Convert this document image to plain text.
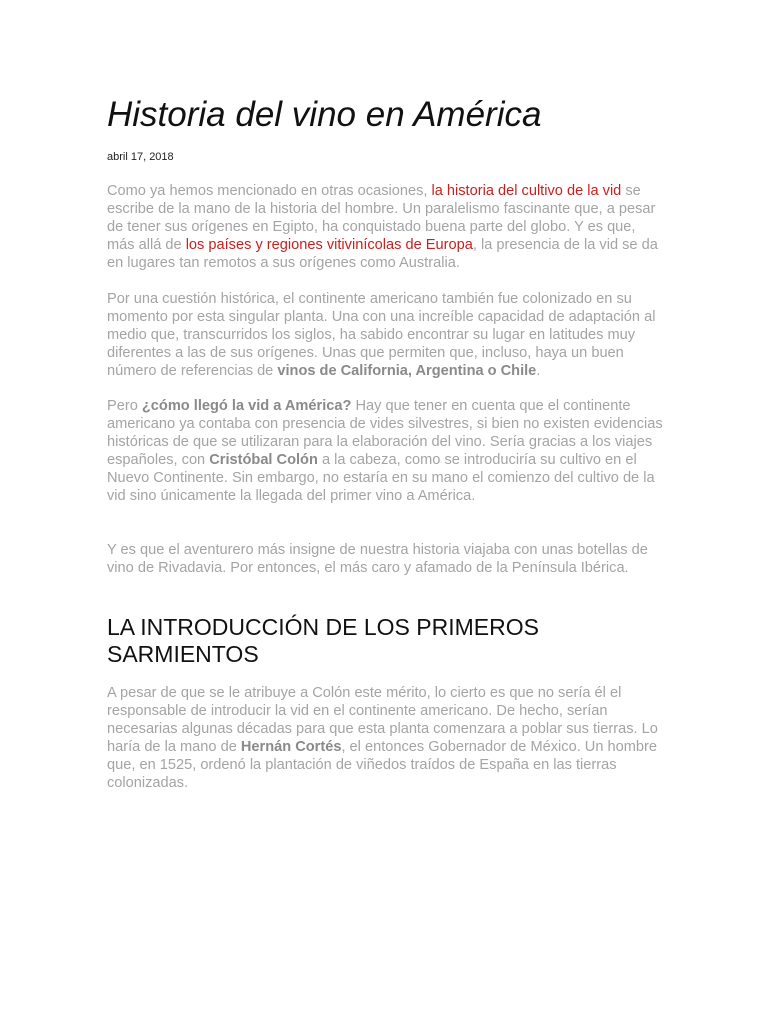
Historia del vino en América
abril 17, 2018

Como ya hemos mencionado en otras ocasiones, la historia del cultivo de la vid se escribe de la mano de la historia del hombre. Un paralelismo fascinante que, a pesar de tener sus orígenes en Egipto, ha conquistado buena parte del globo. Y es que, más allá de los países y regiones vitivinícolas de Europa, la presencia de la vid se da en lugares tan remotos a sus orígenes como Australia.

Por una cuestión histórica, el continente americano también fue colonizado en su momento por esta singular planta. Una con una increíble capacidad de adaptación al medio que, transcurridos los siglos, ha sabido encontrar su lugar en latitudes muy diferentes a las de sus orígenes. Unas que permiten que, incluso, haya un buen número de referencias de vinos de California, Argentina o Chile.

Pero ¿cómo llegó la vid a América? Hay que tener en cuenta que el continente americano ya contaba con presencia de vides silvestres, si bien no existen evidencias históricas de que se utilizaran para la elaboración del vino. Sería gracias a los viajes españoles, con Cristóbal Colón a la cabeza, como se introduciría su cultivo en el Nuevo Continente. Sin embargo, no estaría en su mano el comienzo del cultivo de la vid sino únicamente la llegada del primer vino a América.

Y es que el aventurero más insigne de nuestra historia viajaba con unas botellas de vino de Rivadavia. Por entonces, el más caro y afamado de la Península Ibérica.

LA INTRODUCCIÓN DE LOS PRIMEROS SARMIENTOS

A pesar de que se le atribuye a Colón este mérito, lo cierto es que no sería él el responsable de introducir la vid en el continente americano. De hecho, serían necesarias algunas décadas para que esta planta comenzara a poblar sus tierras. Lo haría de la mano de Hernán Cortés, el entonces Gobernador de México. Un hombre que, en 1525, ordenó la plantación de viñedos traídos de España en las tierras colonizadas.
